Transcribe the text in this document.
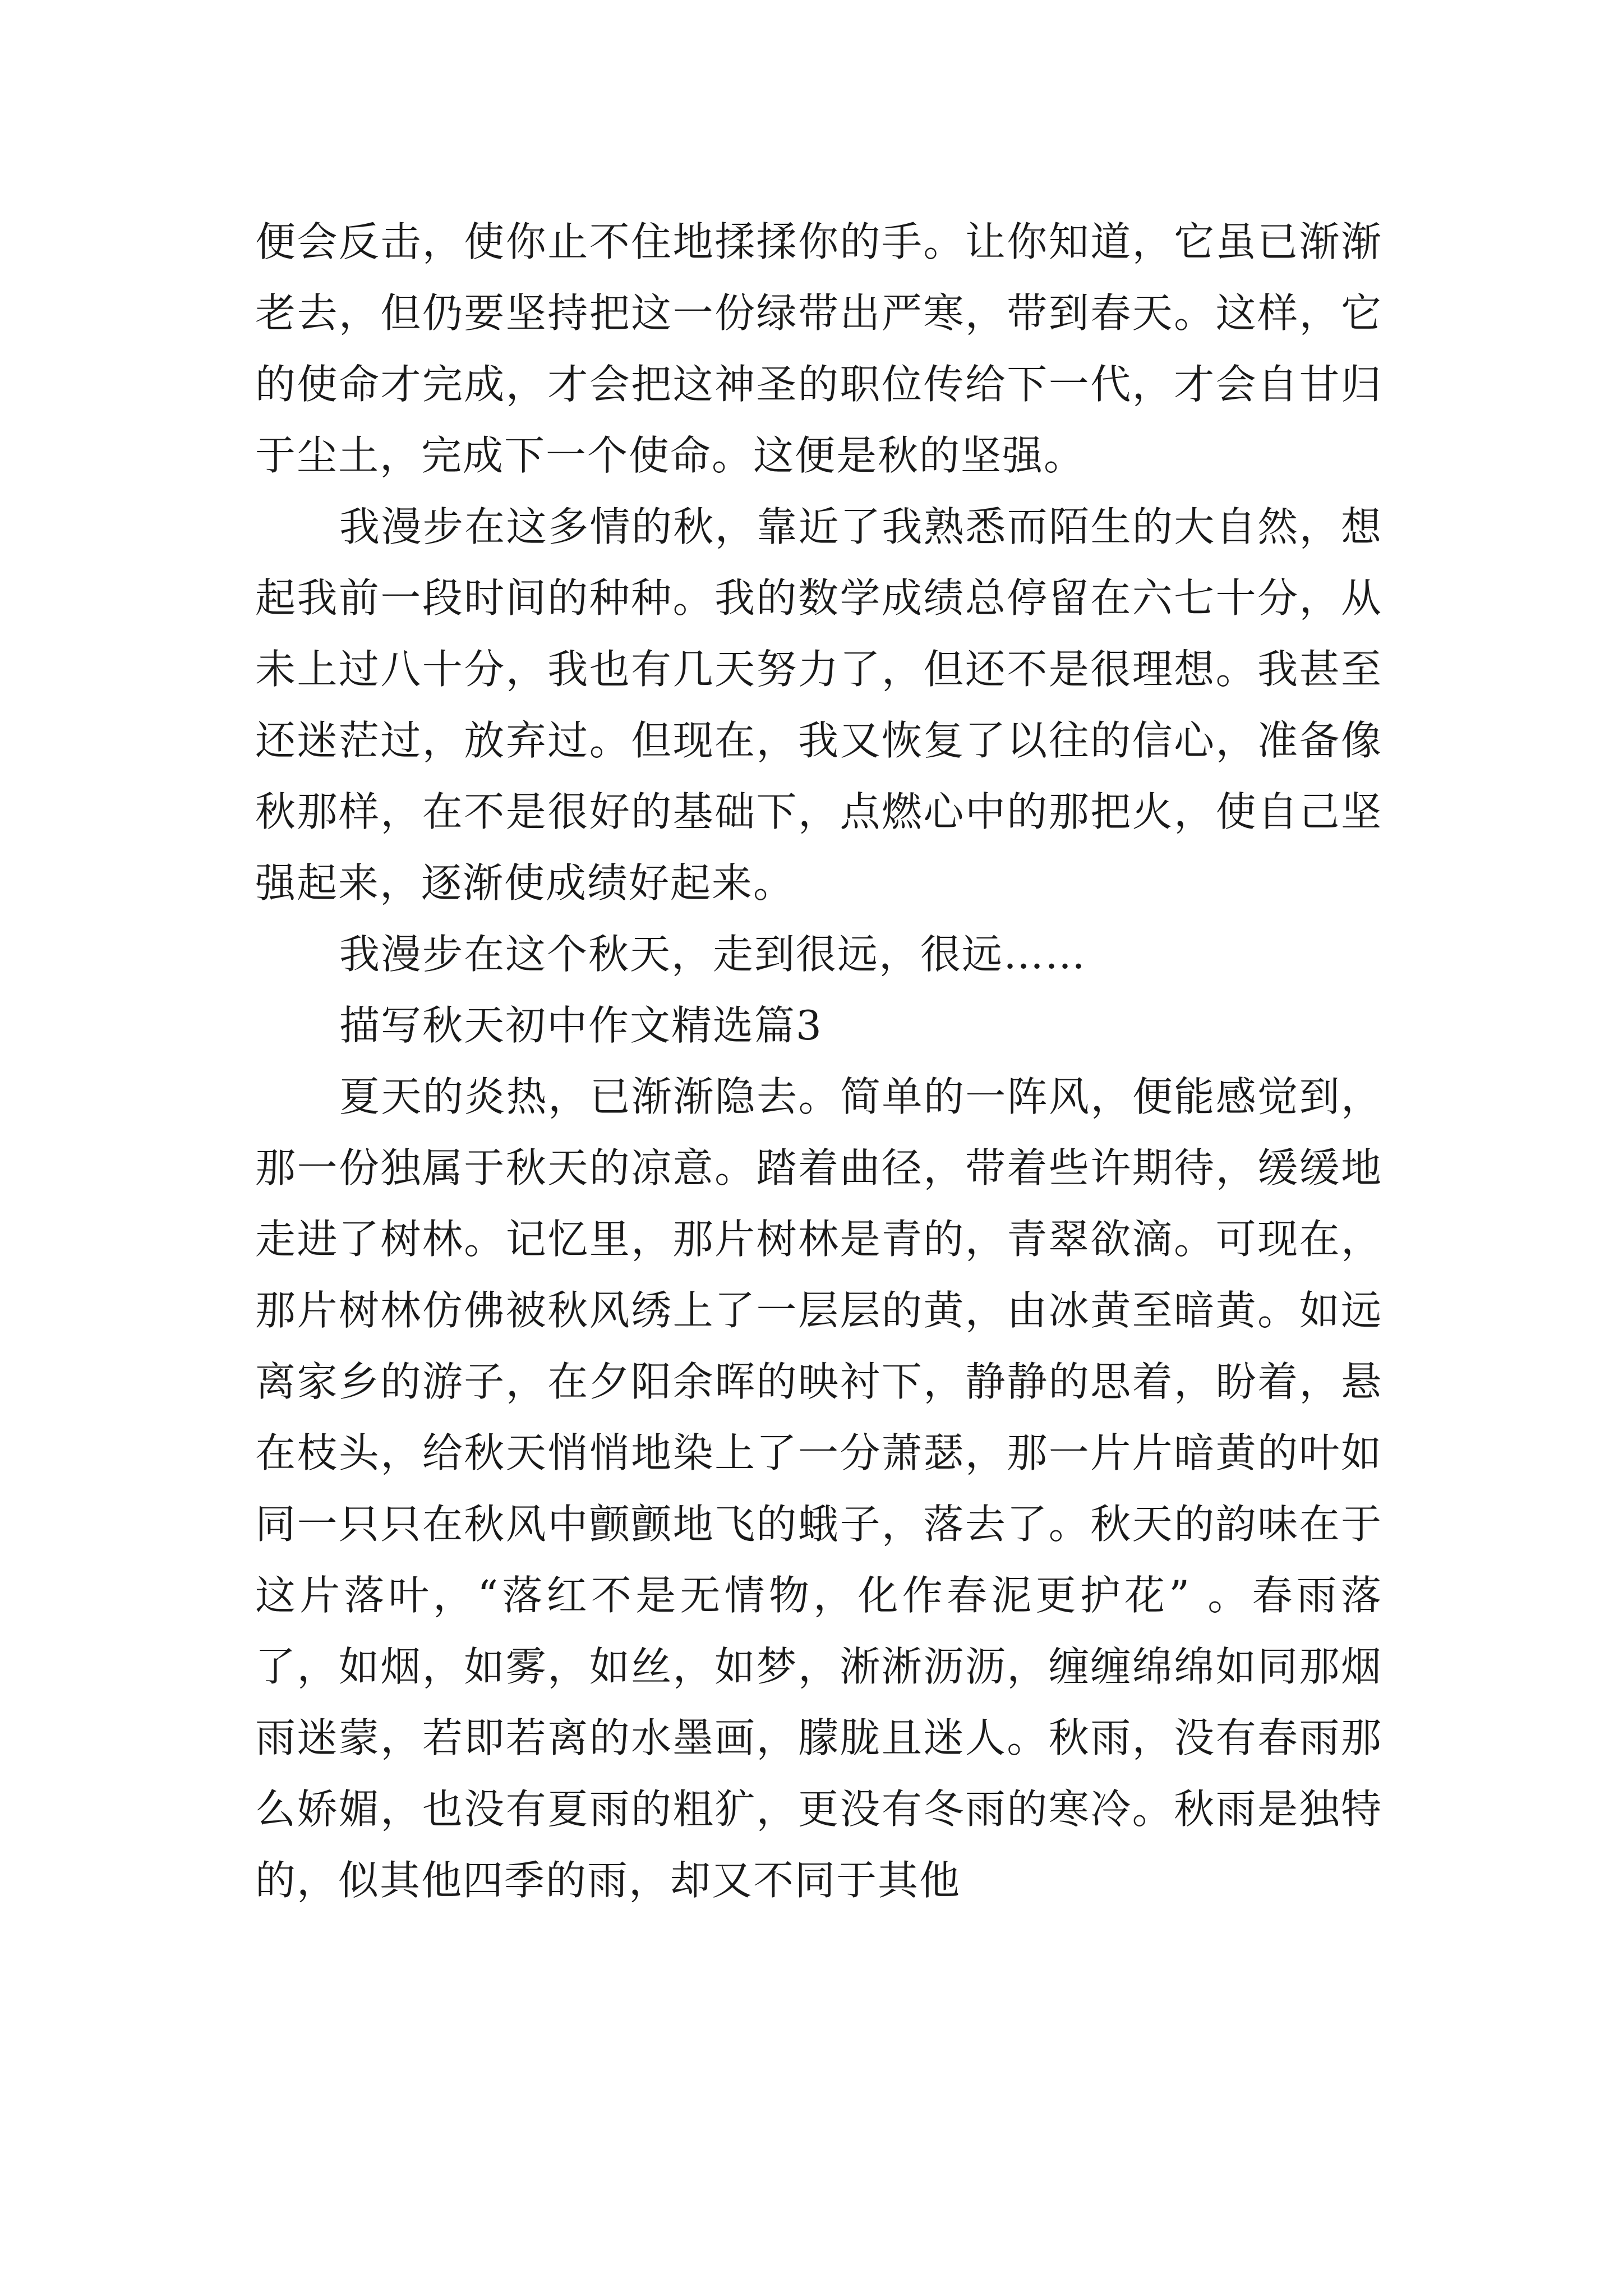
便会反击，使你止不住地揉揉你的手。让你知道，它虽已渐渐老去，但仍要坚持把这一份绿带出严寒，带到春天。这样，它的使命才完成，才会把这神圣的职位传给下一代，才会自甘归于尘土，完成下一个使命。这便是秋的坚强。

我漫步在这多情的秋，靠近了我熟悉而陌生的大自然，想起我前一段时间的种种。我的数学成绩总停留在六七十分，从未上过八十分，我也有几天努力了，但还不是很理想。我甚至还迷茫过，放弃过。但现在，我又恢复了以往的信心，准备像秋那样，在不是很好的基础下，点燃心中的那把火，使自己坚强起来，逐渐使成绩好起来。

我漫步在这个秋天，走到很远，很远……

描写秋天初中作文精选篇3

夏天的炎热，已渐渐隐去。简单的一阵风，便能感觉到，那一份独属于秋天的凉意。踏着曲径，带着些许期待，缓缓地走进了树林。记忆里，那片树林是青的，青翠欲滴。可现在，那片树林仿佛被秋风绣上了一层层的黄，由冰黄至暗黄。如远离家乡的游子，在夕阳余晖的映衬下，静静的思着，盼着，悬在枝头，给秋天悄悄地染上了一分萧瑟，那一片片暗黄的叶如同一只只在秋风中颤颤地飞的蛾子，落去了。秋天的韵味在于这片落叶，“落红不是无情物，化作春泥更护花” 。春雨落了，如烟，如雾，如丝，如梦，淅淅沥沥，缠缠绵绵如同那烟雨迷蒙，若即若离的水墨画，朦胧且迷人。秋雨，没有春雨那么娇媚，也没有夏雨的粗犷，更没有冬雨的寒冷。秋雨是独特的，似其他四季的雨，却又不同于其他
